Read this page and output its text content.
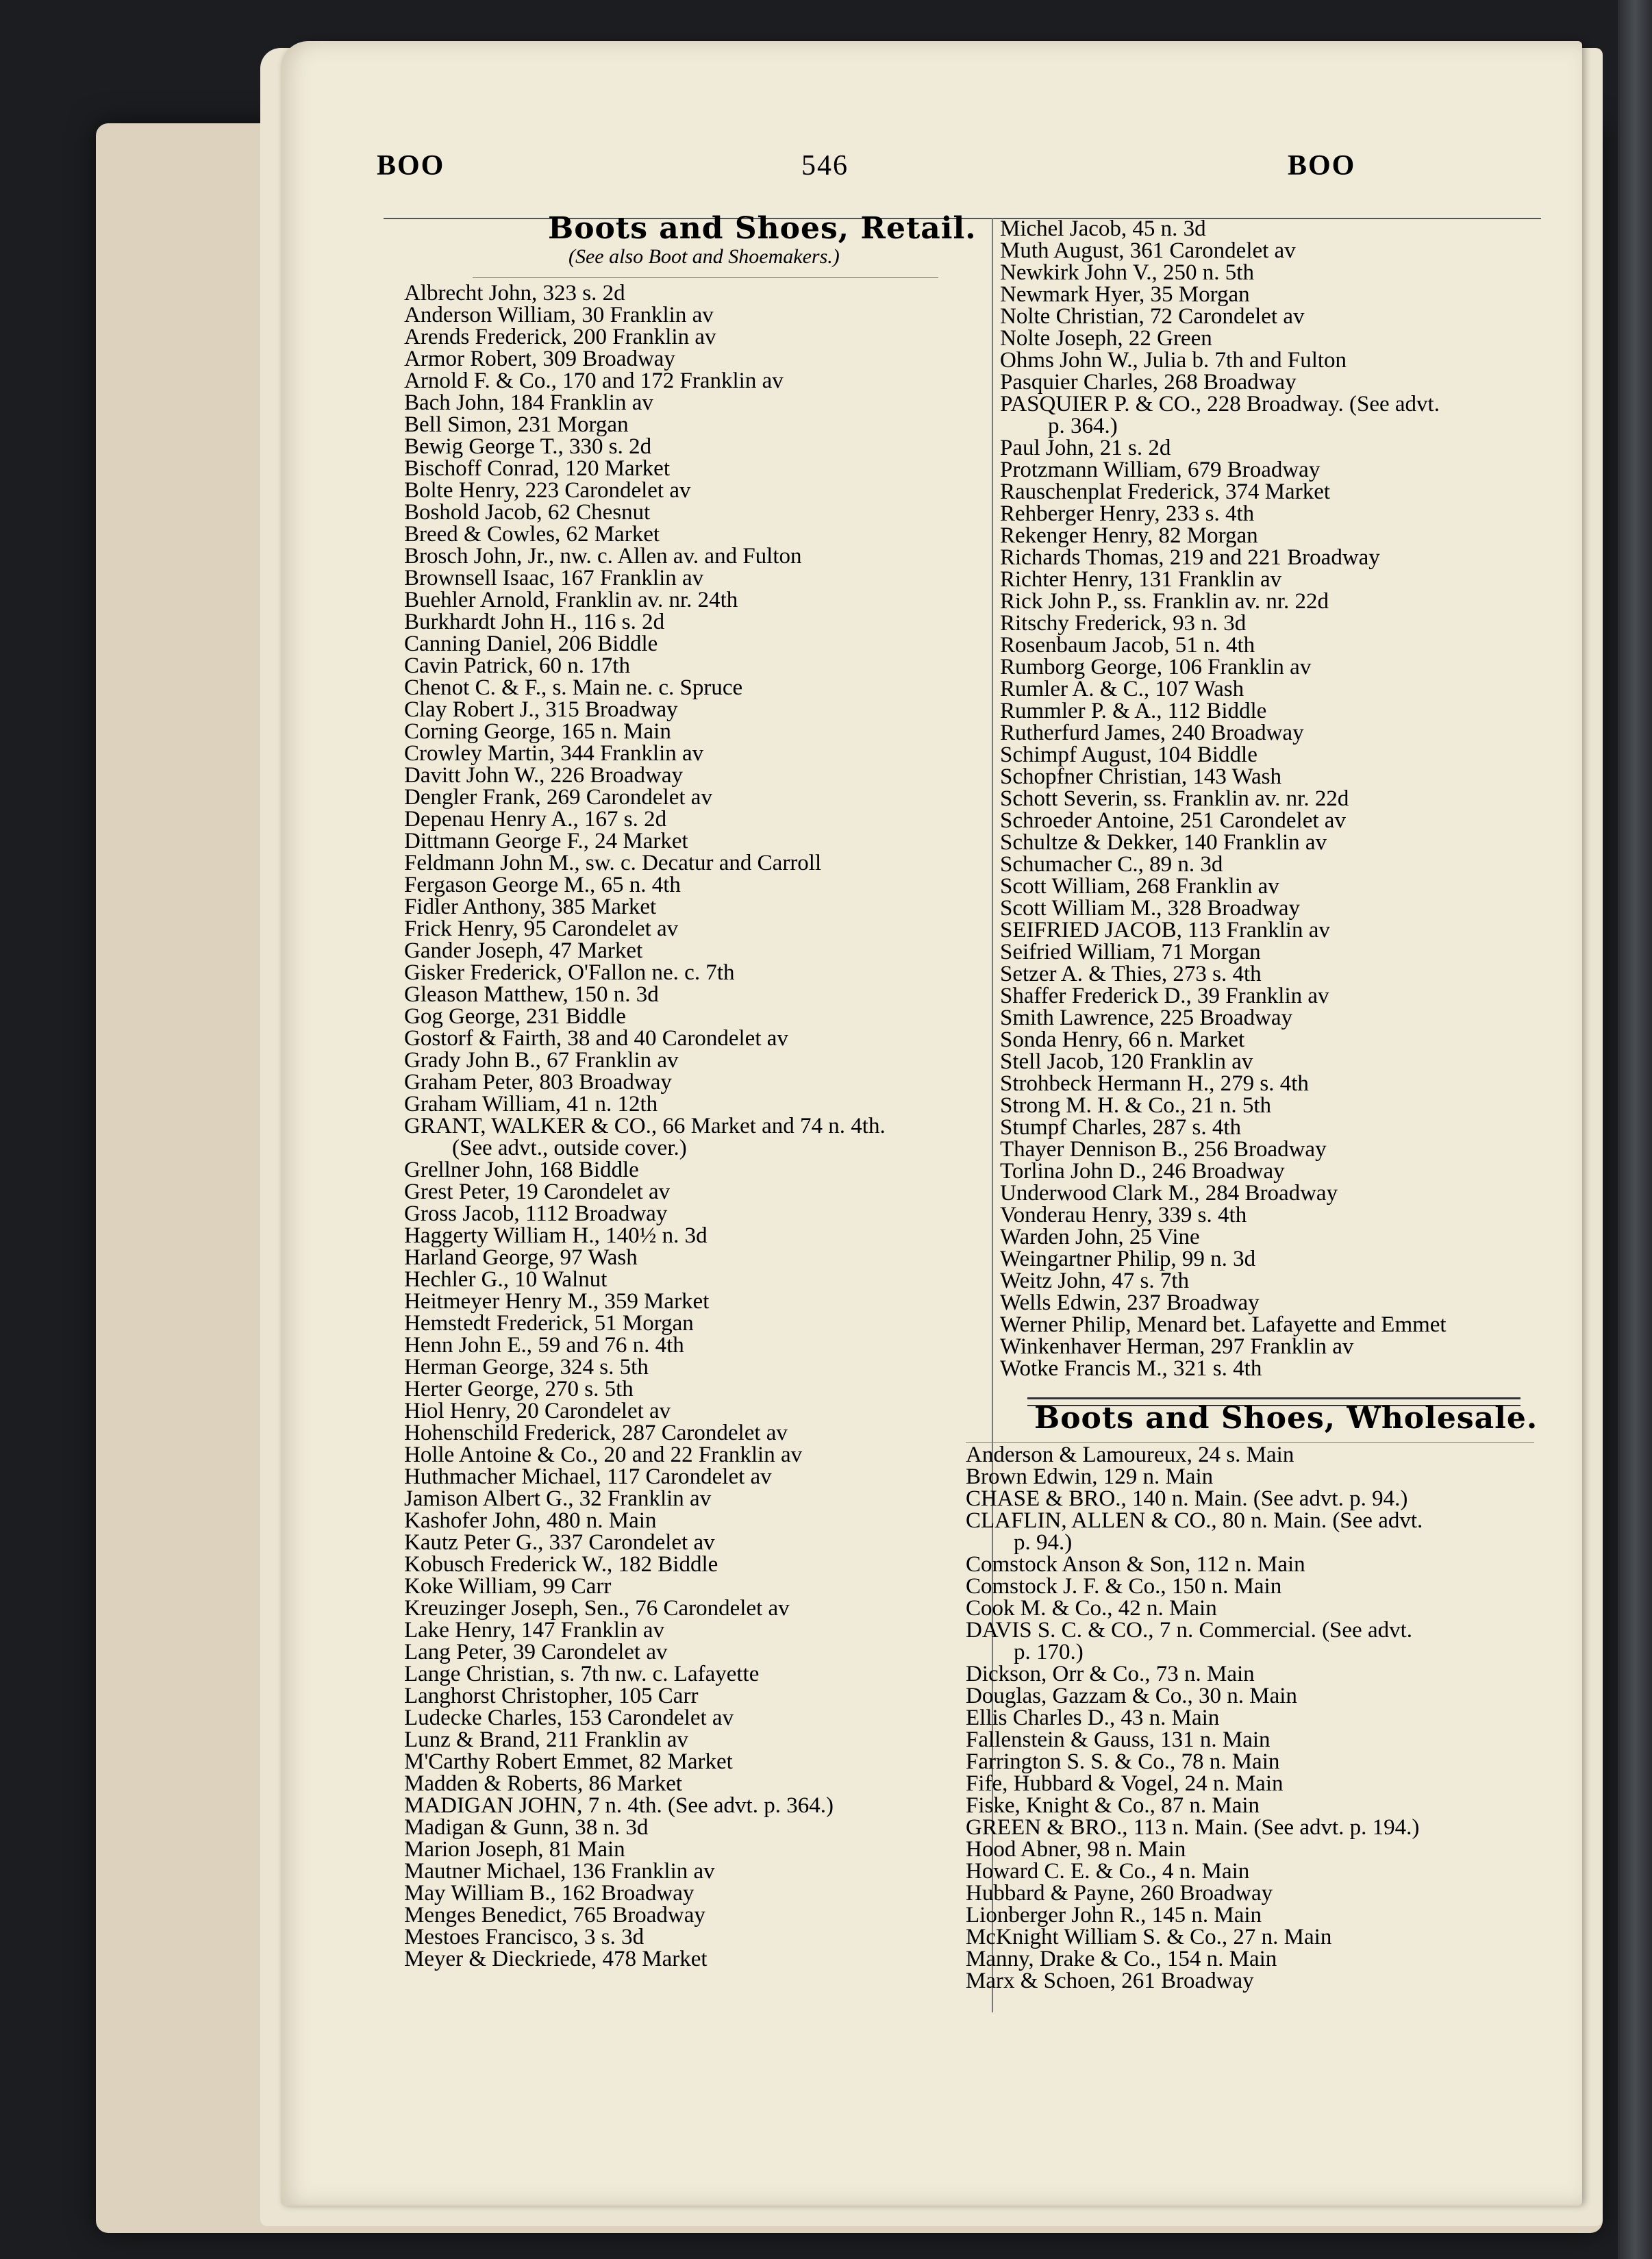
BOO	546	BOO
Boots and Shoes, Retail.
(See also Boot and Shoemakers.)
Albrecht John, 323 s. 2d
Anderson William, 30 Franklin av
Arends Frederick, 200 Franklin av
Armor Robert, 309 Broadway
Arnold F. & Co., 170 and 172 Franklin av
Bach John, 184 Franklin av
Bell Simon, 231 Morgan
Bewig George T., 330 s. 2d
Bischoff Conrad, 120 Market
Bolte Henry, 223 Carondelet av
Boshold Jacob, 62 Chesnut
Breed & Cowles, 62 Market
Brosch John, Jr., nw. c. Allen av. and Fulton
Brownsell Isaac, 167 Franklin av
Buehler Arnold, Franklin av. nr. 24th
Burkhardt John H., 116 s. 2d
Canning Daniel, 206 Biddle
Cavin Patrick, 60 n. 17th
Chenot C. & F., s. Main ne. c. Spruce
Clay Robert J., 315 Broadway
Corning George, 165 n. Main
Crowley Martin, 344 Franklin av
Davitt John W., 226 Broadway
Dengler Frank, 269 Carondelet av
Depenau Henry A., 167 s. 2d
Dittmann George F., 24 Market
Feldmann John M., sw. c. Decatur and Carroll
Fergason George M., 65 n. 4th
Fidler Anthony, 385 Market
Frick Henry, 95 Carondelet av
Gander Joseph, 47 Market
Gisker Frederick, O'Fallon ne. c. 7th
Gleason Matthew, 150 n. 3d
Gog George, 231 Biddle
Gostorf & Fairth, 38 and 40 Carondelet av
Grady John B., 67 Franklin av
Graham Peter, 803 Broadway
Graham William, 41 n. 12th
GRANT, WALKER & CO., 66 Market and 74 n. 4th.
(See advt., outside cover.)
Grellner John, 168 Biddle
Grest Peter, 19 Carondelet av
Gross Jacob, 1112 Broadway
Haggerty William H., 140½ n. 3d
Harland George, 97 Wash
Hechler G., 10 Walnut
Heitmeyer Henry M., 359 Market
Hemstedt Frederick, 51 Morgan
Henn John E., 59 and 76 n. 4th
Herman George, 324 s. 5th
Herter George, 270 s. 5th
Hiol Henry, 20 Carondelet av
Hohenschild Frederick, 287 Carondelet av
Holle Antoine & Co., 20 and 22 Franklin av
Huthmacher Michael, 117 Carondelet av
Jamison Albert G., 32 Franklin av
Kashofer John, 480 n. Main
Kautz Peter G., 337 Carondelet av
Kobusch Frederick W., 182 Biddle
Koke William, 99 Carr
Kreuzinger Joseph, Sen., 76 Carondelet av
Lake Henry, 147 Franklin av
Lang Peter, 39 Carondelet av
Lange Christian, s. 7th nw. c. Lafayette
Langhorst Christopher, 105 Carr
Ludecke Charles, 153 Carondelet av
Lunz & Brand, 211 Franklin av
M'Carthy Robert Emmet, 82 Market
Madden & Roberts, 86 Market
MADIGAN JOHN, 7 n. 4th. (See advt. p. 364.)
Madigan & Gunn, 38 n. 3d
Marion Joseph, 81 Main
Mautner Michael, 136 Franklin av
May William B., 162 Broadway
Menges Benedict, 765 Broadway
Mestoes Francisco, 3 s. 3d
Meyer & Dieckriede, 478 Market
Michel Jacob, 45 n. 3d
Muth August, 361 Carondelet av
Newkirk John V., 250 n. 5th
Newmark Hyer, 35 Morgan
Nolte Christian, 72 Carondelet av
Nolte Joseph, 22 Green
Ohms John W., Julia b. 7th and Fulton
Pasquier Charles, 268 Broadway
PASQUIER P. & CO., 228 Broadway. (See advt.
p. 364.)
Paul John, 21 s. 2d
Protzmann William, 679 Broadway
Rauschenplat Frederick, 374 Market
Rehberger Henry, 233 s. 4th
Rekenger Henry, 82 Morgan
Richards Thomas, 219 and 221 Broadway
Richter Henry, 131 Franklin av
Rick John P., ss. Franklin av. nr. 22d
Ritschy Frederick, 93 n. 3d
Rosenbaum Jacob, 51 n. 4th
Rumborg George, 106 Franklin av
Rumler A. & C., 107 Wash
Rummler P. & A., 112 Biddle
Rutherfurd James, 240 Broadway
Schimpf August, 104 Biddle
Schopfner Christian, 143 Wash
Schott Severin, ss. Franklin av. nr. 22d
Schroeder Antoine, 251 Carondelet av
Schultze & Dekker, 140 Franklin av
Schumacher C., 89 n. 3d
Scott William, 268 Franklin av
Scott William M., 328 Broadway
SEIFRIED JACOB, 113 Franklin av
Seifried William, 71 Morgan
Setzer A. & Thies, 273 s. 4th
Shaffer Frederick D., 39 Franklin av
Smith Lawrence, 225 Broadway
Sonda Henry, 66 n. Market
Stell Jacob, 120 Franklin av
Strohbeck Hermann H., 279 s. 4th
Strong M. H. & Co., 21 n. 5th
Stumpf Charles, 287 s. 4th
Thayer Dennison B., 256 Broadway
Torlina John D., 246 Broadway
Underwood Clark M., 284 Broadway
Vonderau Henry, 339 s. 4th
Warden John, 25 Vine
Weingartner Philip, 99 n. 3d
Weitz John, 47 s. 7th
Wells Edwin, 237 Broadway
Werner Philip, Menard bet. Lafayette and Emmet
Winkenhaver Herman, 297 Franklin av
Wotke Francis M., 321 s. 4th
Boots and Shoes, Wholesale.
Anderson & Lamoureux, 24 s. Main
Brown Edwin, 129 n. Main
CHASE & BRO., 140 n. Main. (See advt. p. 94.)
CLAFLIN, ALLEN & CO., 80 n. Main. (See advt.
p. 94.)
Comstock Anson & Son, 112 n. Main
Comstock J. F. & Co., 150 n. Main
Cook M. & Co., 42 n. Main
DAVIS S. C. & CO., 7 n. Commercial. (See advt.
p. 170.)
Dickson, Orr & Co., 73 n. Main
Douglas, Gazzam & Co., 30 n. Main
Ellis Charles D., 43 n. Main
Fallenstein & Gauss, 131 n. Main
Farrington S. S. & Co., 78 n. Main
Fife, Hubbard & Vogel, 24 n. Main
Fiske, Knight & Co., 87 n. Main
GREEN & BRO., 113 n. Main. (See advt. p. 194.)
Hood Abner, 98 n. Main
Howard C. E. & Co., 4 n. Main
Hubbard & Payne, 260 Broadway
Lionberger John R., 145 n. Main
McKnight William S. & Co., 27 n. Main
Manny, Drake & Co., 154 n. Main
Marx & Schoen, 261 Broadway
